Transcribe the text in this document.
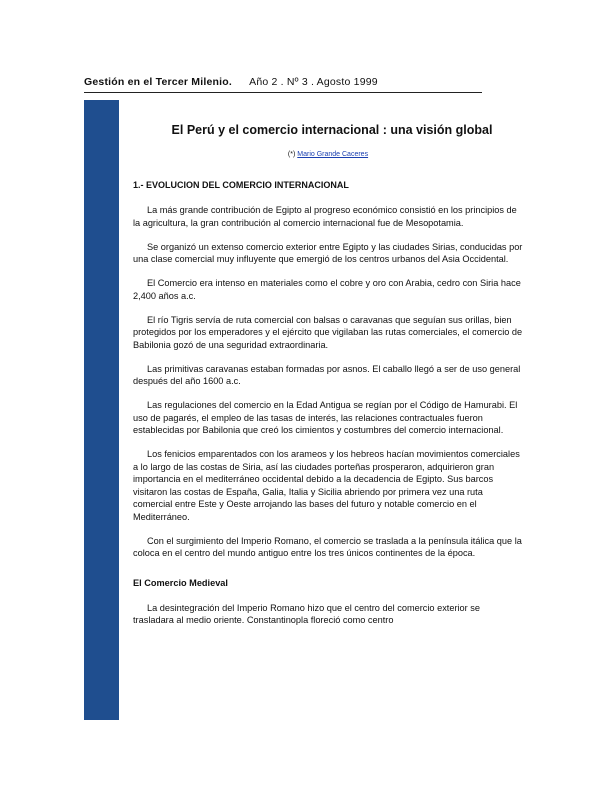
Gestión en el Tercer Milenio. Año 2 . Nº 3 . Agosto 1999
El Perú y el comercio internacional : una visión global
(*) Mario Grande Caceres
1.- EVOLUCION DEL COMERCIO INTERNACIONAL

La más grande contribución de Egipto al progreso económico consistió en los principios de la agricultura, la gran contribución al comercio internacional fue de Mesopotamia.

Se organizó un extenso comercio exterior entre Egipto y las ciudades Sirias, conducidas por una clase comercial muy influyente que emergió de los centros urbanos del Asia Occidental.

El Comercio era intenso en materiales como el cobre y oro con Arabia, cedro con Siria hace 2,400 años a.c.

El río Tigris servía de ruta comercial con balsas o caravanas que seguían sus orillas, bien protegidos por los emperadores y el ejército que vigilaban las rutas comerciales, el comercio de Babilonia gozó de una seguridad extraordinaria.

Las primitivas caravanas estaban formadas por asnos. El caballo llegó a ser de uso general después del año 1600 a.c.

Las regulaciones del comercio en la Edad Antigua se regían por el Código de Hamurabi. El uso de pagarés, el empleo de las tasas de interés, las relaciones contractuales fueron establecidas por Babilonia que creó los cimientos y costumbres del comercio internacional.

Los fenicios emparentados con los arameos y los hebreos hacían movimientos comerciales a lo largo de las costas de Siria, así las ciudades porteñas prosperaron, adquirieron gran importancia en el mediterráneo occidental debido a la decadencia de Egipto. Sus barcos visitaron las costas de España, Galia, Italia y Sicilia abriendo por primera vez una ruta comercial entre Este y Oeste arrojando las bases del futuro y notable comercio en el Mediterráneo.

Con el surgimiento del Imperio Romano, el comercio se traslada a la península itálica que la coloca en el centro del mundo antiguo entre los tres únicos continentes de la época.

El Comercio Medieval

La desintegración del Imperio Romano hizo que el centro del comercio exterior se trasladara al medio oriente. Constantinopla floreció como centro
